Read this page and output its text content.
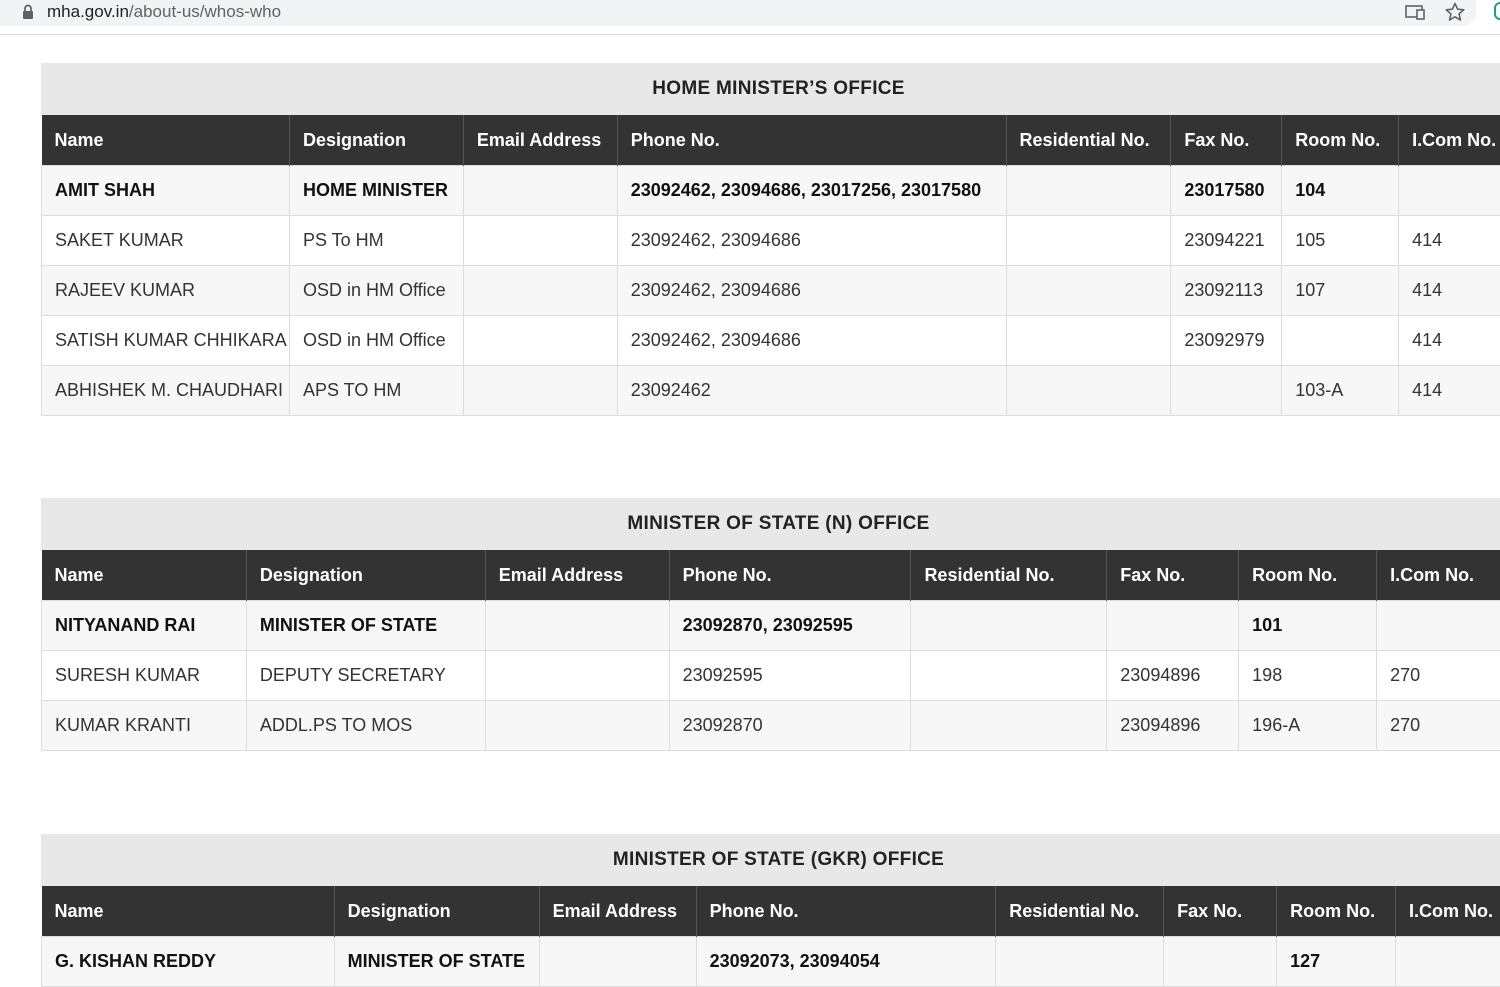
mha.gov.in/about-us/whos-who
HOME MINISTER’S OFFICE
Name	Designation	Email Address	Phone No.	Residential No.	Fax No.	Room No.	I.Com No.
AMIT SHAH	HOME MINISTER		23092462, 23094686, 23017256, 23017580		23017580	104	
SAKET KUMAR	PS To HM		23092462, 23094686		23094221	105	414
RAJEEV KUMAR	OSD in HM Office		23092462, 23094686		23092113	107	414
SATISH KUMAR CHHIKARA	OSD in HM Office		23092462, 23094686		23092979		414
ABHISHEK M. CHAUDHARI	APS TO HM		23092462			103-A	414
MINISTER OF STATE (N) OFFICE
Name	Designation	Email Address	Phone No.	Residential No.	Fax No.	Room No.	I.Com No.
NITYANAND RAI	MINISTER OF STATE		23092870, 23092595			101	
SURESH KUMAR	DEPUTY SECRETARY		23092595		23094896	198	270
KUMAR KRANTI	ADDL.PS TO MOS		23092870		23094896	196-A	270
MINISTER OF STATE (GKR) OFFICE
Name	Designation	Email Address	Phone No.	Residential No.	Fax No.	Room No.	I.Com No.
G. KISHAN REDDY	MINISTER OF STATE		23092073, 23094054			127	
